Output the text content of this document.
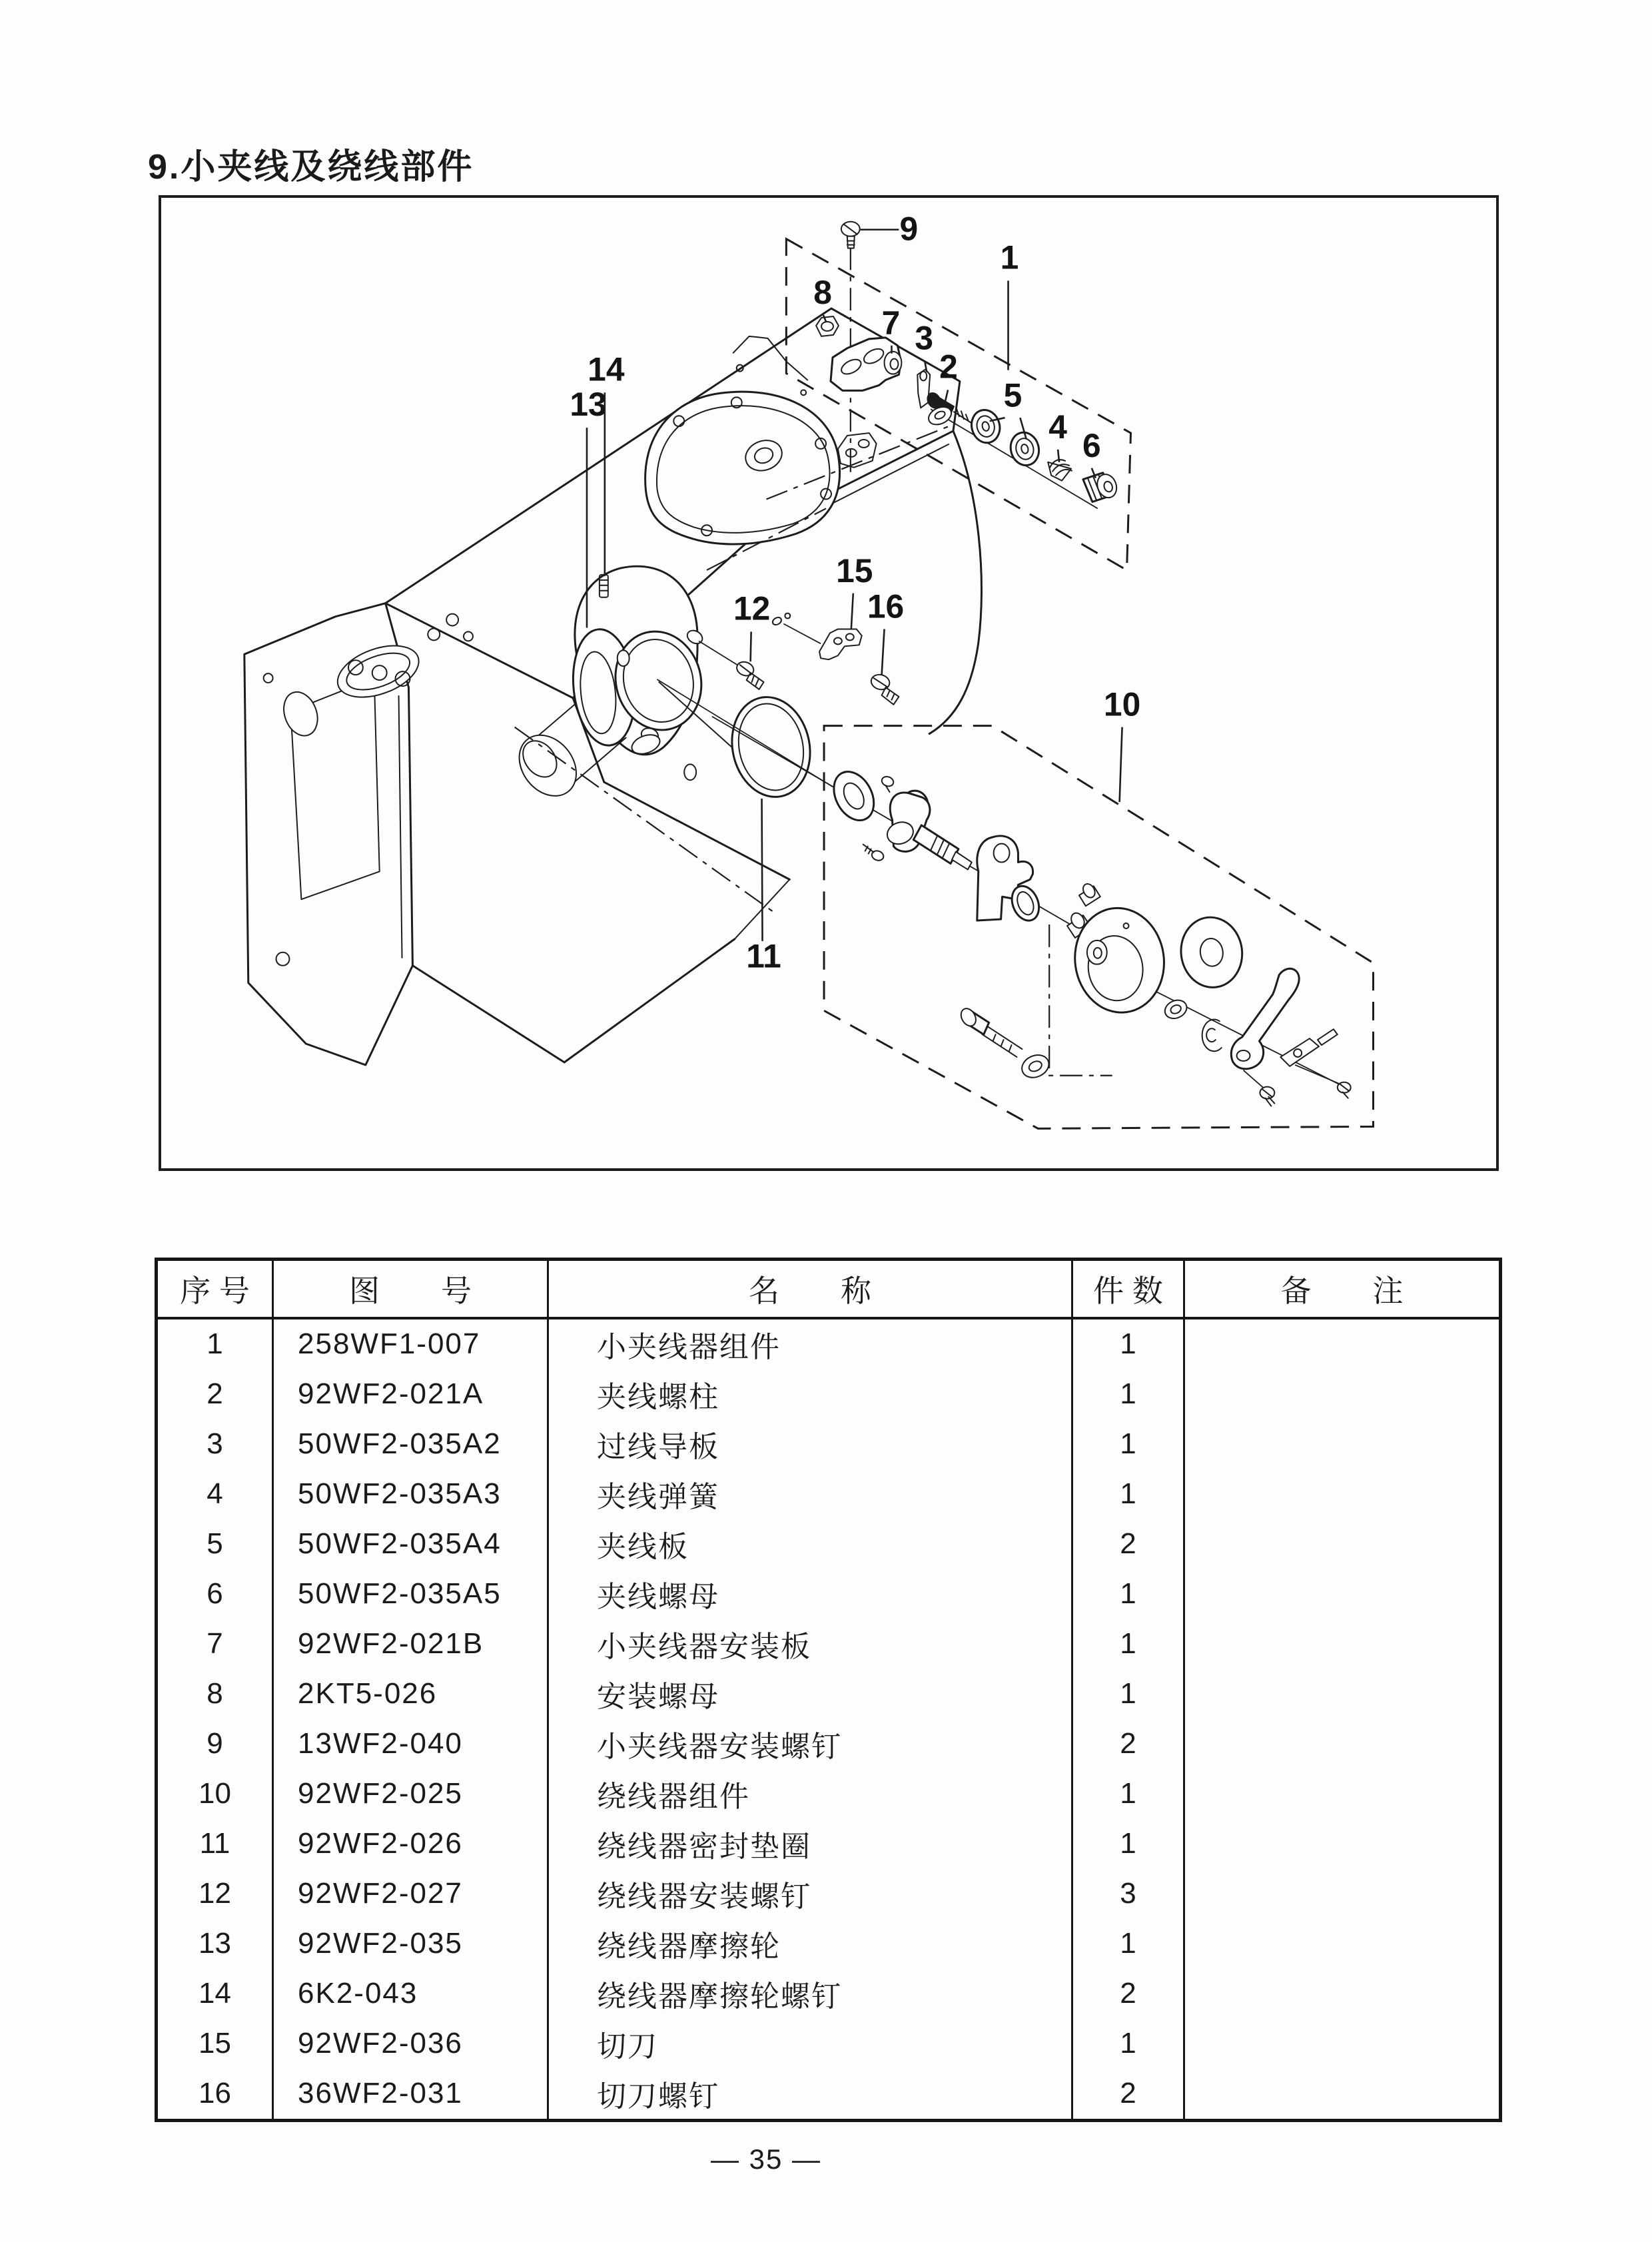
9.小夹线及绕线部件
1
2
3
4
5
6
7
8
9
10
11
12
13
14
15
16
序 号	图　　号	名　　称	件 数	备　　注
1	258WF1-007	小夹线器组件	1	
2	92WF2-021A	夹线螺柱	1	
3	50WF2-035A2	过线导板	1	
4	50WF2-035A3	夹线弹簧	1	
5	50WF2-035A4	夹线板	2	
6	50WF2-035A5	夹线螺母	1	
7	92WF2-021B	小夹线器安装板	1	
8	2KT5-026	安装螺母	1	
9	13WF2-040	小夹线器安装螺钉	2	
10	92WF2-025	绕线器组件	1	
11	92WF2-026	绕线器密封垫圈	1	
12	92WF2-027	绕线器安装螺钉	3	
13	92WF2-035	绕线器摩擦轮	1	
14	6K2-043	绕线器摩擦轮螺钉	2	
15	92WF2-036	切刀	1	
16	36WF2-031	切刀螺钉	2	
— 35 —
